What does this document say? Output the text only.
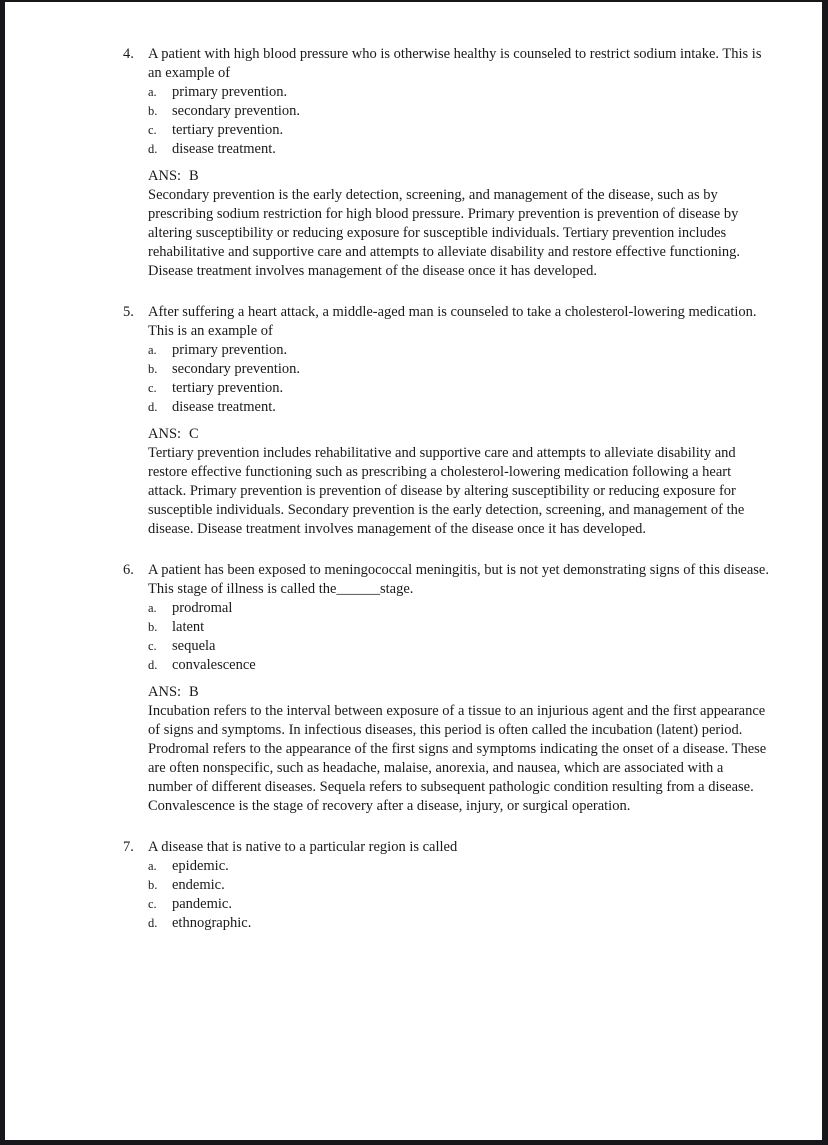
4. A patient with high blood pressure who is otherwise healthy is counseled to restrict sodium intake. This is an example of
a.	primary prevention.
b.	secondary prevention.
c.	tertiary prevention.
d.	disease treatment.
ANS: B
Secondary prevention is the early detection, screening, and management of the disease, such as by prescribing sodium restriction for high blood pressure. Primary prevention is prevention of disease by altering susceptibility or reducing exposure for susceptible individuals. Tertiary prevention includes rehabilitative and supportive care and attempts to alleviate disability and restore effective functioning. Disease treatment involves management of the disease once it has developed.
5. After suffering a heart attack, a middle-aged man is counseled to take a cholesterol-lowering medication. This is an example of
a.	primary prevention.
b.	secondary prevention.
c.	tertiary prevention.
d.	disease treatment.
ANS: C
Tertiary prevention includes rehabilitative and supportive care and attempts to alleviate disability and restore effective functioning such as prescribing a cholesterol-lowering medication following a heart attack. Primary prevention is prevention of disease by altering susceptibility or reducing exposure for susceptible individuals. Secondary prevention is the early detection, screening, and management of the disease. Disease treatment involves management of the disease once it has developed.
6. A patient has been exposed to meningococcal meningitis, but is not yet demonstrating signs of this disease. This stage of illness is called the______stage.
a.	prodromal
b.	latent
c.	sequela
d.	convalescence
ANS: B
Incubation refers to the interval between exposure of a tissue to an injurious agent and the first appearance of signs and symptoms. In infectious diseases, this period is often called the incubation (latent) period. Prodromal refers to the appearance of the first signs and symptoms indicating the onset of a disease. These are often nonspecific, such as headache, malaise, anorexia, and nausea, which are associated with a number of different diseases. Sequela refers to subsequent pathologic condition resulting from a disease. Convalescence is the stage of recovery after a disease, injury, or surgical operation.
7. A disease that is native to a particular region is called
a.	epidemic.
b.	endemic.
c.	pandemic.
d.	ethnographic.
